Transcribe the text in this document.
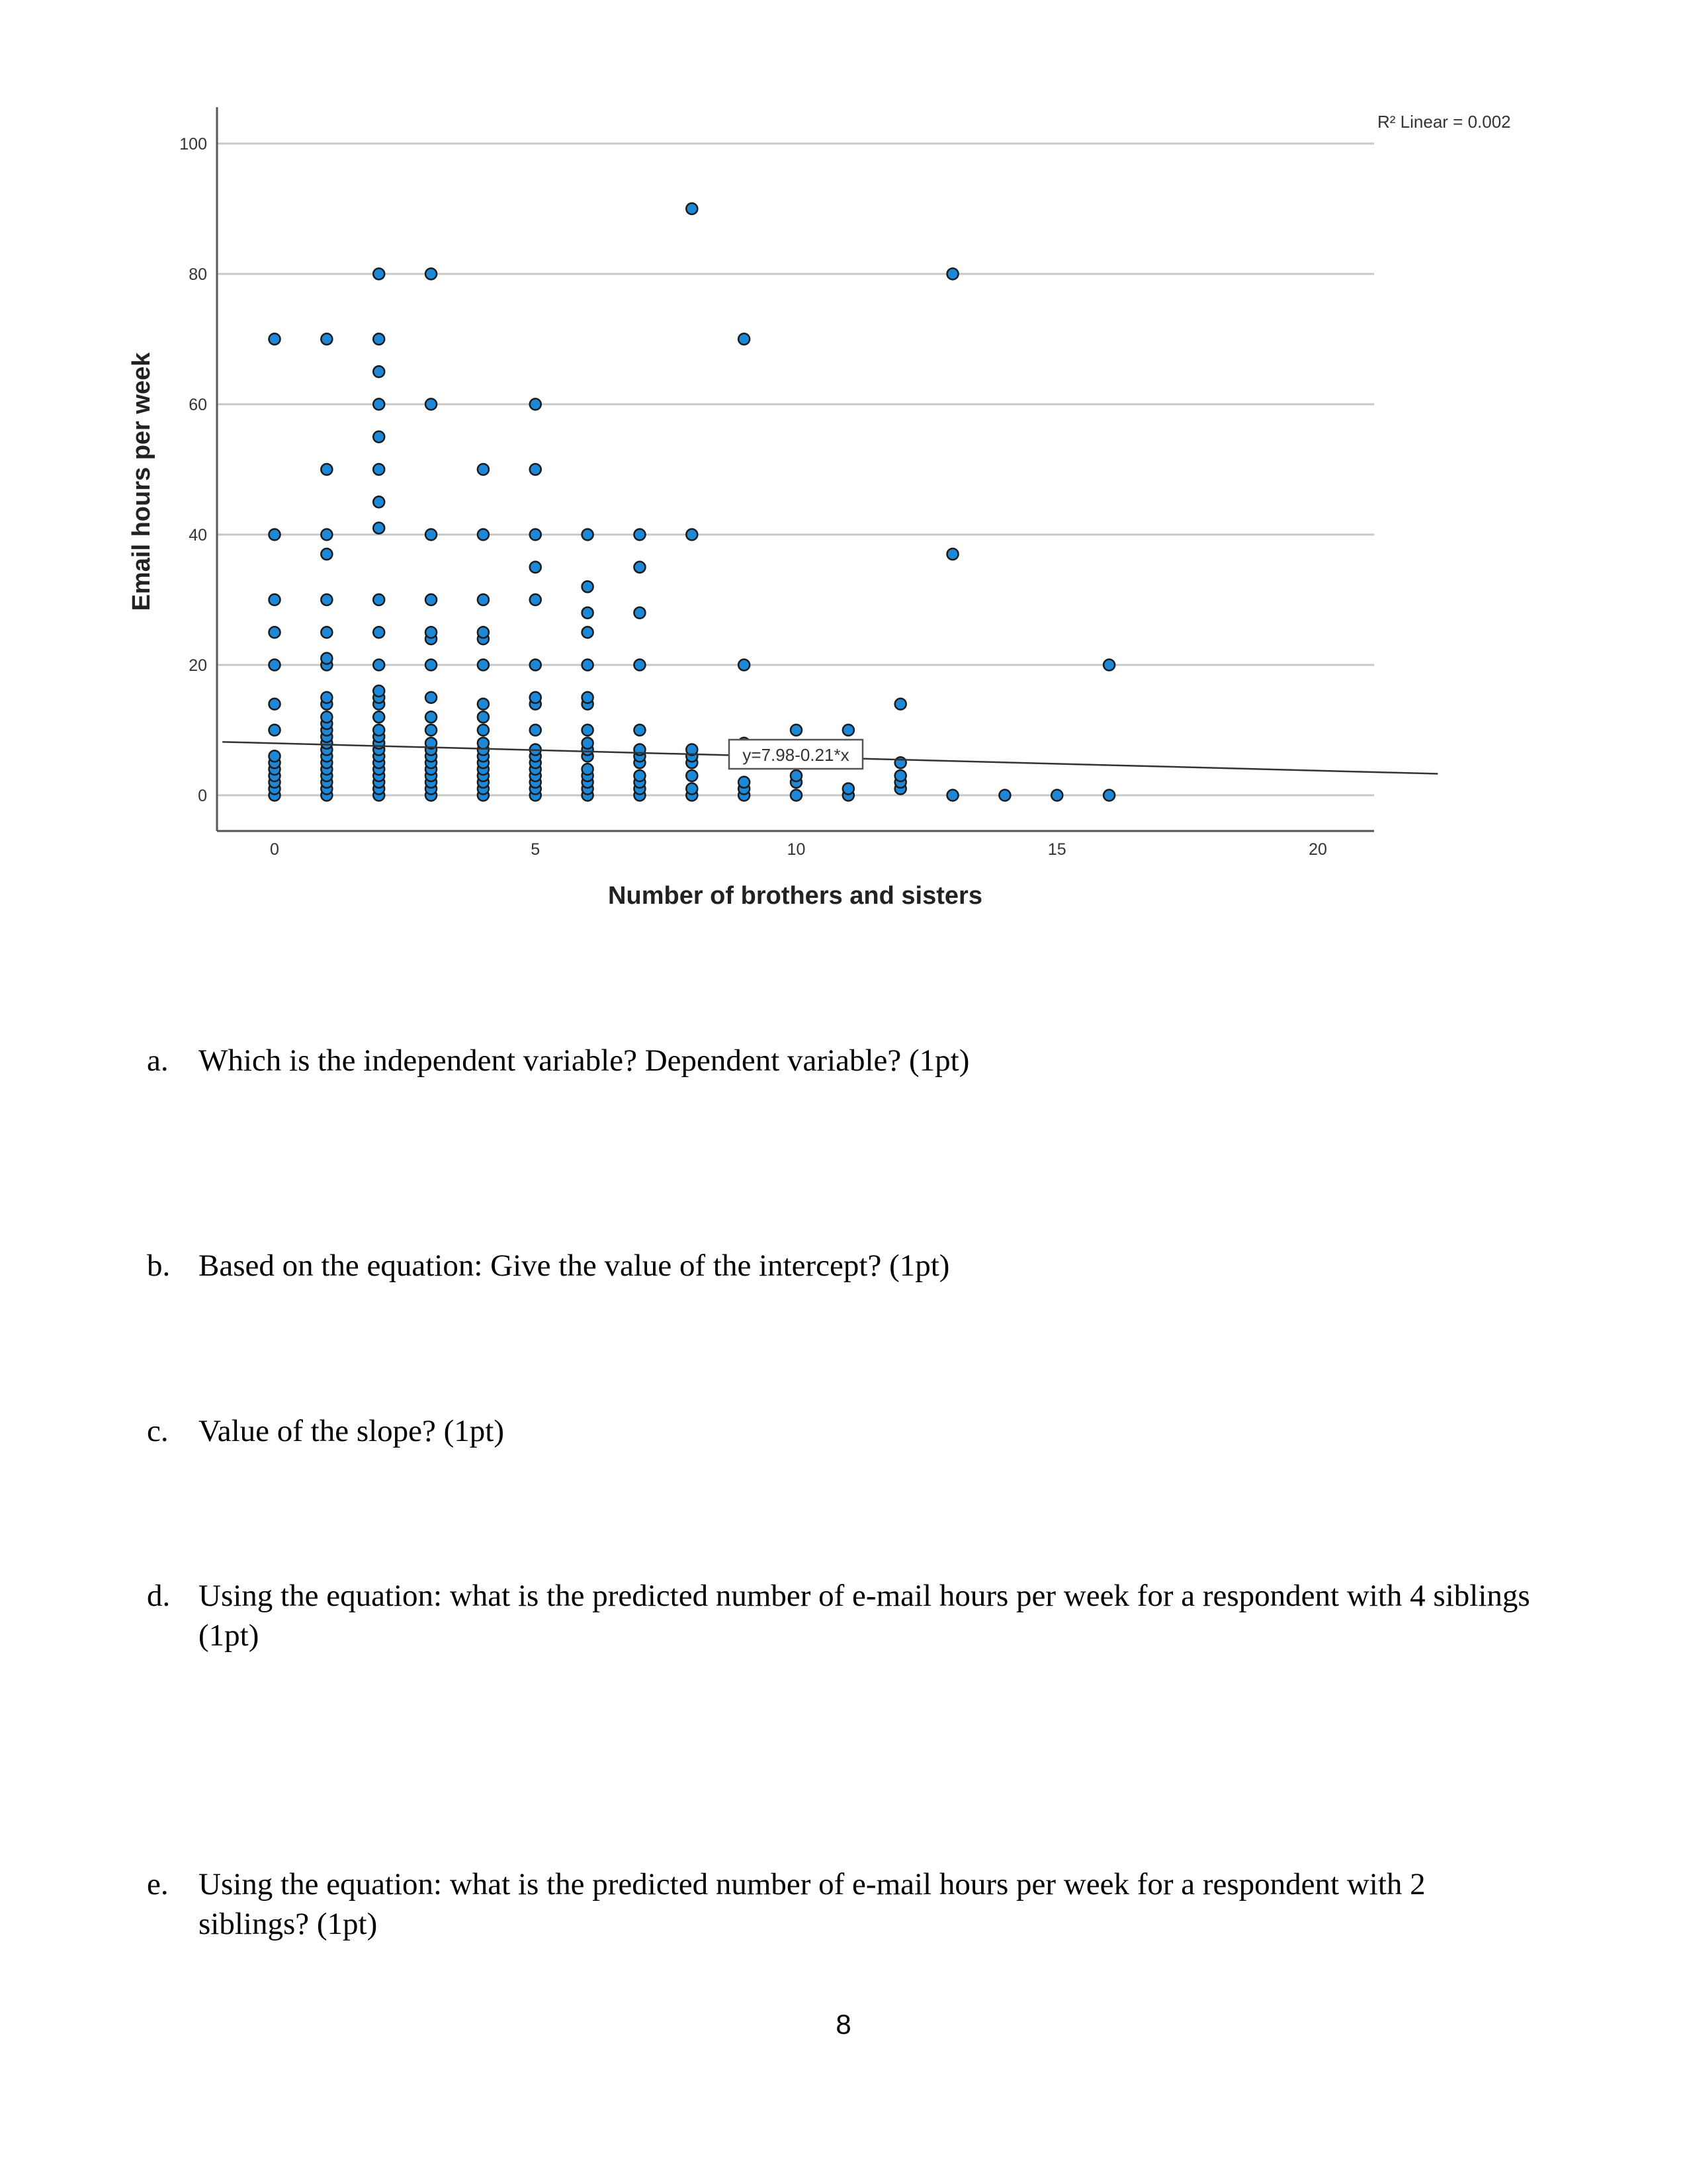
0
20
40
60
80
100
0	5	10	15	20
Number of brothers and sisters
Email hours per week
R² Linear = 0.002
y=7.98-0.21*x
a. Which is the independent variable? Dependent variable? (1pt)
b. Based on the equation: Give the value of the intercept? (1pt)
c. Value of the slope? (1pt)
d. Using the equation: what is the predicted number of e-mail hours per week for a respondent with 4 siblings (1pt)
e. Using the equation: what is the predicted number of e-mail hours per week for a respondent with 2 siblings? (1pt)
8
